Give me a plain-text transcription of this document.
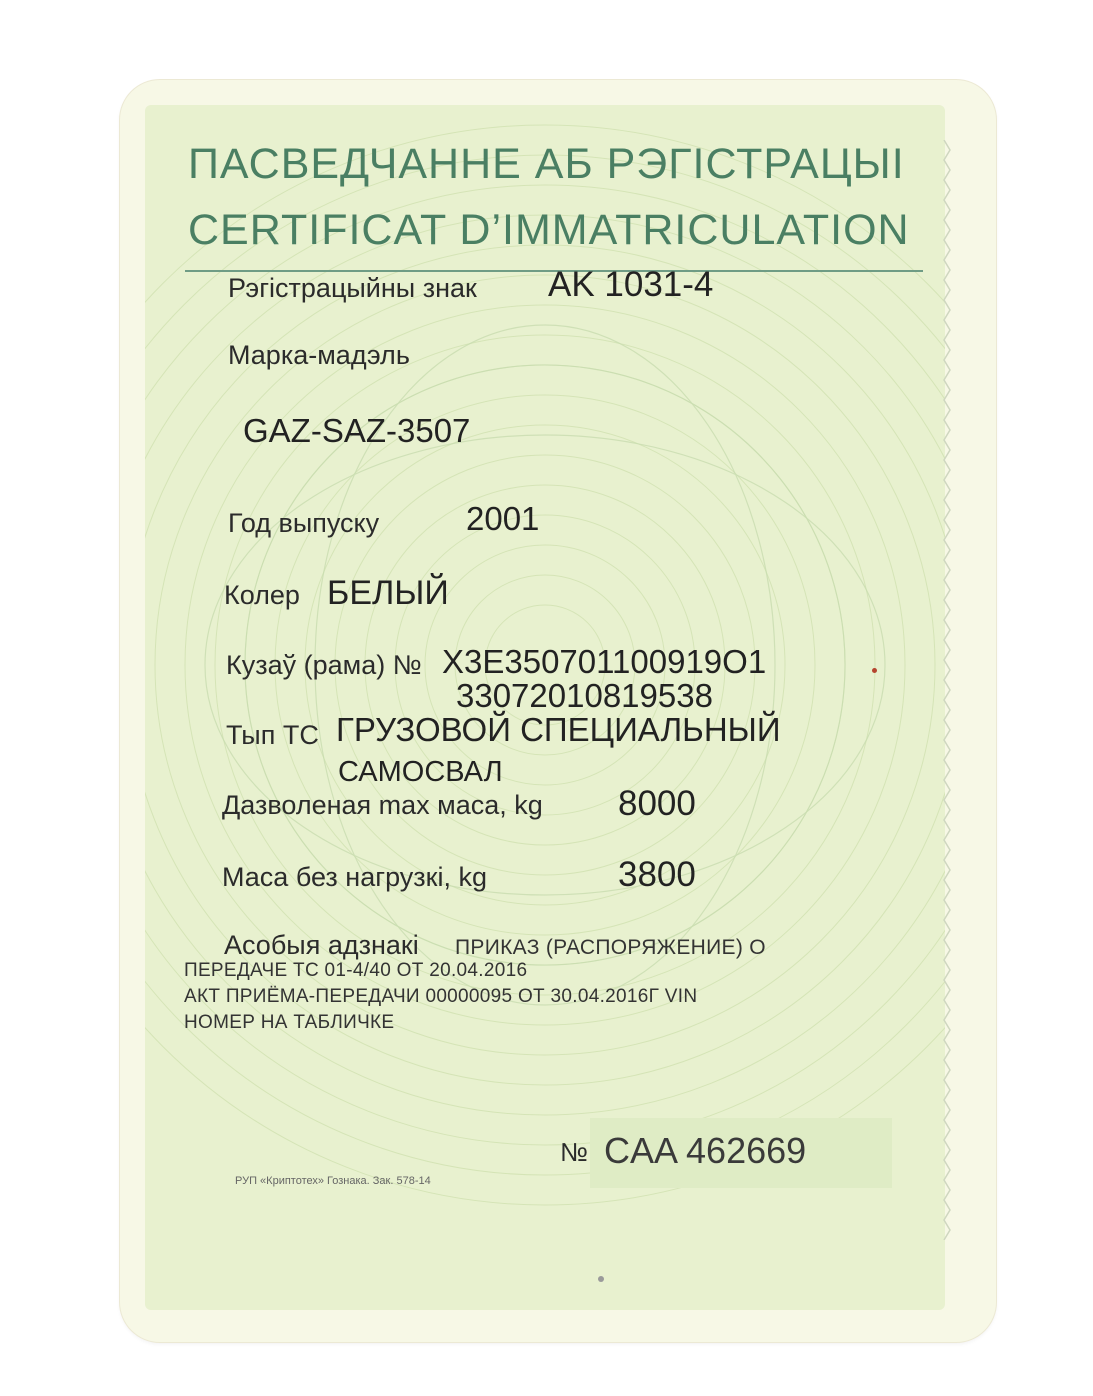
ПАСВЕДЧАННЕ АБ РЭГІСТРАЦЫІ
CERTIFICAT D’IMMATRICULATION
Рэгістрацыйны знак AK 1031-4
Марка-мадэль
GAZ-SAZ-3507
Год выпуску	2001
Колер БЕЛЫЙ
Кузаў (рама) № X3E350701100919О1
33072010819538
Тып ТС ГРУЗОВОЙ СПЕЦИАЛЬНЫЙ
САМОСВАЛ
Дазволеная max маса, kg 8000
Маса без нагрузкі, kg	3800
Асобыя адзнакі ПРИКАЗ (РАСПОРЯЖЕНИЕ) О
ПЕРЕДАЧЕ ТС 01-4/40 ОТ 20.04.2016
АКТ ПРИЁМА-ПЕРЕДАЧИ 00000095 ОТ 30.04.2016Г VIN
НОМЕР НА ТАБЛИЧКЕ
№ CAA 462669
РУП «Криптотех» Гознака. Зак. 578-14
